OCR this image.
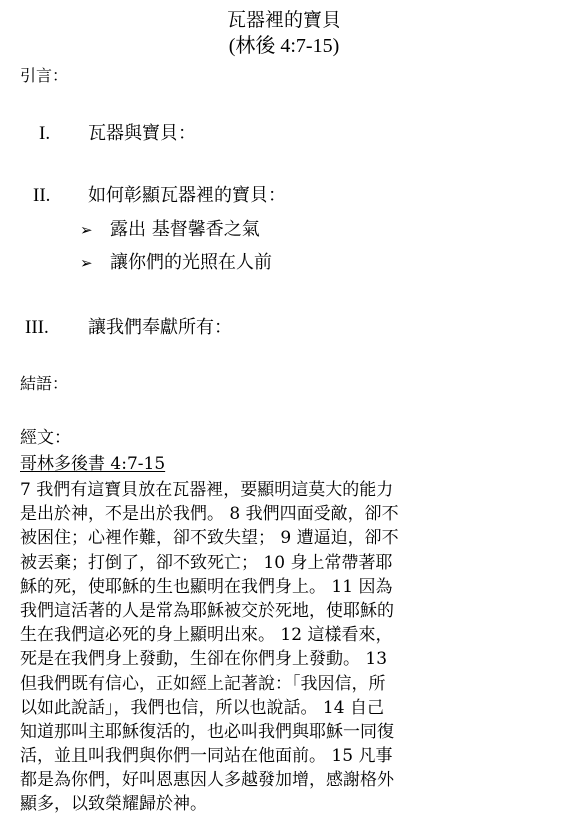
瓦器裡的寶貝
(林後 4:7-15)
引言：
I. 瓦器與寶貝：
II. 如何彰顯瓦器裡的寶貝：
➢ 露出 基督馨香之氣
➢ 讓你們的光照在人前
III. 讓我們奉獻所有：
結語：
經文：
哥林多後書 4:7-15
7 我們有這寶貝放在瓦器裡，要顯明這莫大的能力
是出於神，不是出於我們。 8 我們四面受敵，卻不
被困住；心裡作難，卻不致失望； 9 遭逼迫，卻不
被丟棄；打倒了，卻不致死亡； 10 身上常帶著耶
穌的死，使耶穌的生也顯明在我們身上。 11 因為
我們這活著的人是常為耶穌被交於死地，使耶穌的
生在我們這必死的身上顯明出來。 12 這樣看來，
死是在我們身上發動，生卻在你們身上發動。 13
但我們既有信心，正如經上記著說：「我因信，所
以如此說話」，我們也信，所以也說話。 14 自己
知道那叫主耶穌復活的，也必叫我們與耶穌一同復
活，並且叫我們與你們一同站在他面前。 15 凡事
都是為你們，好叫恩惠因人多越發加增，感謝格外
顯多，以致榮耀歸於神。
